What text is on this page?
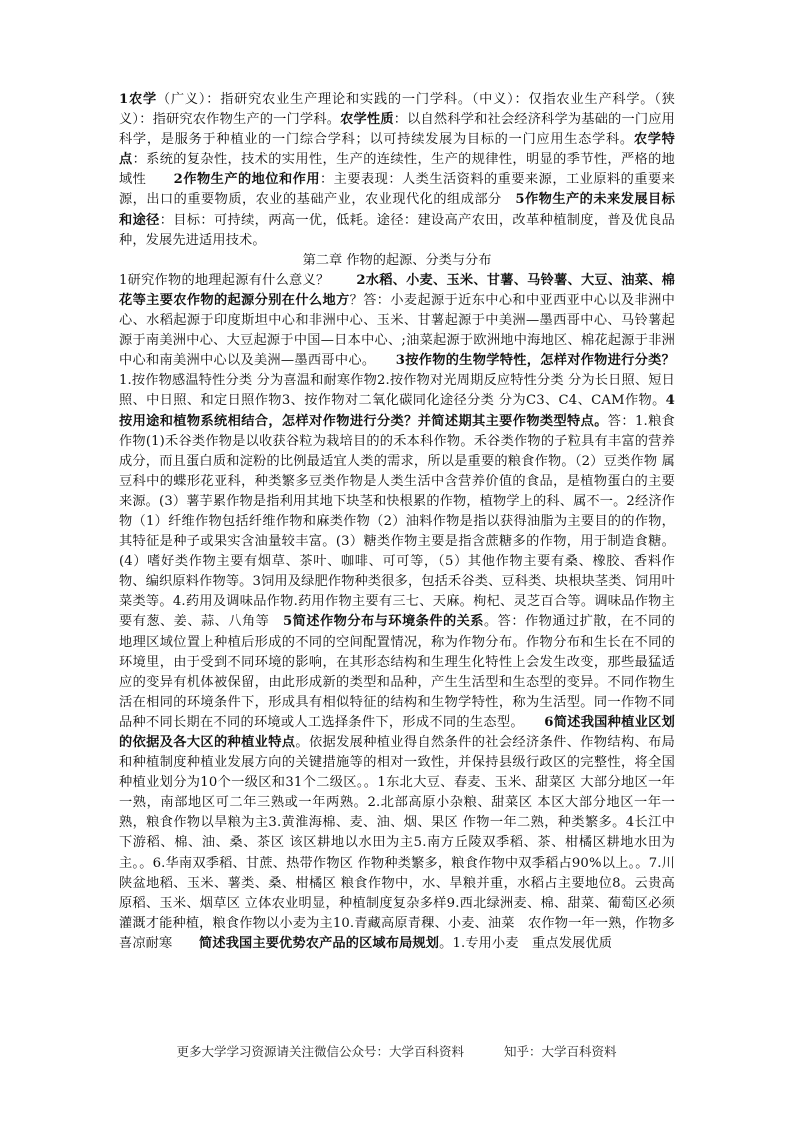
1农学（广义）：指研究农业生产理论和实践的一门学科。（中义）：仅指农业生产科学。（狭义）：指研究农作物生产的一门学科。农学性质：以自然科学和社会经济科学为基础的一门应用科学，是服务于种植业的一门综合学科；以可持续发展为目标的一门应用生态学科。农学特点：系统的复杂性，技术的实用性，生产的连续性，生产的规律性，明显的季节性，严格的地域性　　2作物生产的地位和作用：主要表现：人类生活资料的重要来源，工业原料的重要来源，出口的重要物质，农业的基础产业，农业现代化的组成部分　5作物生产的未来发展目标和途径：目标：可持续，两高一优，低耗。途径：建设高产农田，改革种植制度，普及优良品种，发展先进适用技术。

第二章 作物的起源、分类与分布

1研究作物的地理起源有什么意义？　　2水稻、小麦、玉米、甘薯、马铃薯、大豆、油菜、棉花等主要农作物的起源分别在什么地方？答：小麦起源于近东中心和中亚西亚中心以及非洲中心、水稻起源于印度斯坦中心和非洲中心、玉米、甘薯起源于中美洲—墨西哥中心、马铃薯起源于南美洲中心、大豆起源于中国—日本中心、;油菜起源于欧洲地中海地区、棉花起源于非洲中心和南美洲中心以及美洲—墨西哥中心。　　3按作物的生物学特性，怎样对作物进行分类？1.按作物感温特性分类 分为喜温和耐寒作物2.按作物对光周期反应特性分类 分为长日照、短日照、中日照、和定日照作物3、按作物对二氧化碳同化途径分类 分为C3、C4、CAM作物。4按用途和植物系统相结合，怎样对作物进行分类？并简述期其主要作物类型特点。答：1.粮食作物(1)禾谷类作物是以收获谷粒为栽培目的的禾本科作物。禾谷类作物的子粒具有丰富的营养成分，而且蛋白质和淀粉的比例最适宜人类的需求，所以是重要的粮食作物。（2）豆类作物 属豆科中的蝶形花亚科，种类繁多豆类作物是人类生活中含营养价值的食品，是植物蛋白的主要来源。(3）薯芋累作物是指利用其地下块茎和快根累的作物，植物学上的科、属不一。2经济作物（1）纤维作物包括纤维作物和麻类作物（2）油料作物是指以获得油脂为主要目的的作物，其特征是种子或果实含油量较丰富。(3）糖类作物主要是指含蔗糖多的作物，用于制造食糖。(4）嗜好类作物主要有烟草、茶叶、咖啡、可可等，（5）其他作物主要有桑、橡胶、香料作物、编织原料作物等。3饲用及绿肥作物种类很多，包括禾谷类、豆科类、块根块茎类、饲用叶菜类等。4.药用及调味品作物.药用作物主要有三七、天麻。枸杞、灵芝百合等。调味品作物主要有葱、姜、蒜、八角等　5简述作物分布与环境条件的关系。答：作物通过扩散，在不同的地理区域位置上种植后形成的不同的空间配置情况，称为作物分布。作物分布和生长在不同的环境里，由于受到不同环境的影响，在其形态结构和生理生化特性上会发生改变，那些最猛适应的变异有机体被保留，由此形成新的类型和品种，产生生活型和生态型的变异。不同作物生活在相同的环境条件下，形成具有相似特征的结构和生物学特性，称为生活型。同一作物不同品种不同长期在不同的环境或人工选择条件下，形成不同的生态型。　　6简述我国种植业区划的依据及各大区的种植业特点。依据发展种植业得自然条件的社会经济条件、作物结构、布局和种植制度种植业发展方向的关键措施等的相对一致性，并保持县级行政区的完整性，将全国种植业划分为10个一级区和31个二级区。。1东北大豆、春麦、玉米、甜菜区 大部分地区一年一熟，南部地区可二年三熟或一年两熟。2.北部高原小杂粮、甜菜区 本区大部分地区一年一熟，粮食作物以旱粮为主3.黄淮海棉、麦、油、烟、果区 作物一年二熟，种类繁多。4长江中下游稻、棉、油、桑、茶区 该区耕地以水田为主5.南方丘陵双季稻、茶、柑橘区耕地水田为主。。6.华南双季稻、甘蔗、热带作物区 作物种类繁多，粮食作物中双季稻占90%以上。。7.川陕盆地稻、玉米、薯类、桑、柑橘区 粮食作物中，水、旱粮并重，水稻占主要地位8。云贵高原稻、玉米、烟草区 立体农业明显，种植制度复杂多样9.西北绿洲麦、棉、甜菜、葡萄区必须灌溉才能种植，粮食作物以小麦为主10.青藏高原青稞、小麦、油菜　农作物一年一熟，作物多喜凉耐寒　　简述我国主要优势农产品的区域布局规划。1.专用小麦　重点发展优质

更多大学学习资源请关注微信公众号：大学百科资料	知乎：大学百科资料
